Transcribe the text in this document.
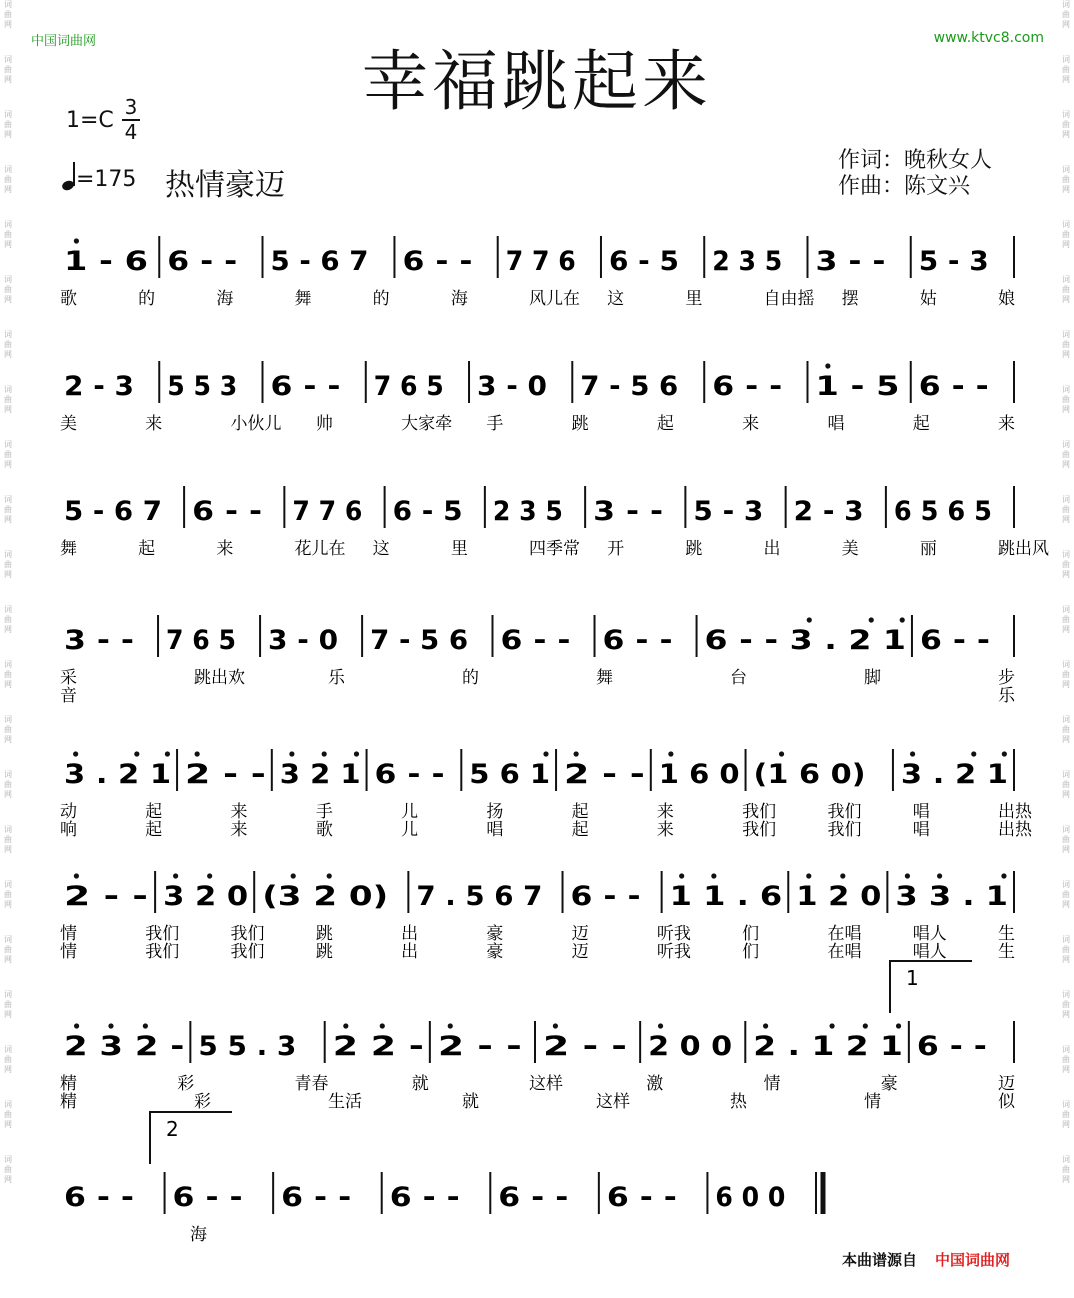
词
曲
网
词
曲
网
词
曲
网
词
曲
网
词
曲
网
词
曲
网
词
曲
网
词
曲
网
词
曲
网
词
曲
网
词
曲
网
词
曲
网
词
曲
网
词
曲
网
词
曲
网
词
曲
网
词
曲
网
词
曲
网
词
曲
网
词
曲
网
词
曲
网
词
曲
网
词
曲
网
词
曲
网
词
曲
网
词
曲
网
词
曲
网
词
曲
网
词
曲
网
词
曲
网
词
曲
网
词
曲
网
词
曲
网
词
曲
网
词
曲
网
词
曲
网
词
曲
网
词
曲
网
词
曲
网
词
曲
网
词
曲
网
词
曲
网
词
曲
网
词
曲
网
中国词曲网	www.ktvc8.com
幸福跳起来
1=C
3
4
=175 热情豪迈
作词：晚秋女人
作曲：陈文兴
1 - 6 6 - - 5 - 6 7 6 - - 7 7 6 6 - 5 2 3 5 3 - - 5 - 3
歌	的	海	舞	的	海	风儿在 这	里	自由摇 摆	姑	娘
2 - 3 5 5 3 6 - - 7 6 5 3 - 0 7 - 5 6 6 - - 1 - 5 6 - -
美	来	小伙儿 帅	大家牵 手	跳	起	来	唱	起	来
5 - 6 7 6 - - 7 7 6 6 - 5 2 3 5 3 - - 5 - 3 2 - 3 6 5 6 5
舞	起	来	花儿在 这	里	四季常 开	跳	出	美	丽	跳出风
3 - - 7 6 5 3 - 0 7 - 5 6 6 - - 6 - - 6 - - 3 . 2 1 6 - -
采	跳出欢	乐	的	舞	台	脚	步
音	乐
3 . 2 1 2 - - 3 2 1 6 - - 5 6 1 2 - - 1 6 0 (1 6 0) 3 . 2 1
动	起	来	手	儿	扬	起	来	我们	我们	唱	出热
响	起	来	歌	儿	唱	起	来	我们	我们	唱	出热
2 - - 3 2 0 (3 2 0) 7 . 5 6 7 6 - - 1 1 . 6 1 2 0 3 3 . 1
情	我们	我们	跳	出	豪	迈	听我	们	在唱	唱人	生
情	我们	我们	跳	出	豪	迈	听我	们	在唱	唱人	生
2 3 2 - 5 5 . 3 2 2 - 2 - - 2 - - 2 0 0 2 . 1 2 1 6 - -
1
精	彩	青春	就	这样	激	情	豪	迈
精	彩	生活	就	这样	热	情	似
6 - - 6 - - 6 - - 6 - - 6 - - 6 - - 6 0 0
2
海
本曲谱源自 中国词曲网
